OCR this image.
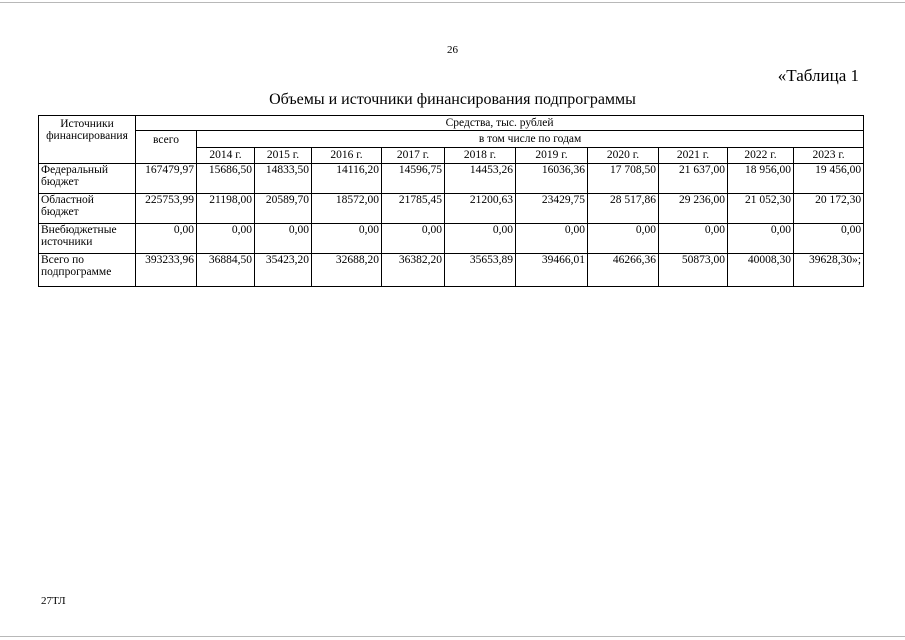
26
«Таблица 1
Объемы и источники финансирования подпрограммы
Источники финансирования	Средства, тыс. рублей										
	всего	в том числе по годам									
		2014 г.	2015 г.	2016 г.	2017 г.	2018 г.	2019 г.	2020 г.	2021 г.	2022 г.	2023 г.
Федеральный бюджет	167479,97	15686,50	14833,50	14116,20	14596,75	14453,26	16036,36	17 708,50	21 637,00	18 956,00	19 456,00
Областной бюджет	225753,99	21198,00	20589,70	18572,00	21785,45	21200,63	23429,75	28 517,86	29 236,00	21 052,30	20 172,30
Внебюджетные источники	0,00	0,00	0,00	0,00	0,00	0,00	0,00	0,00	0,00	0,00	0,00
Всего по подпрограмме	393233,96	36884,50	35423,20	32688,20	36382,20	35653,89	39466,01	46266,36	50873,00	40008,30	39628,30»;
27ТЛ
